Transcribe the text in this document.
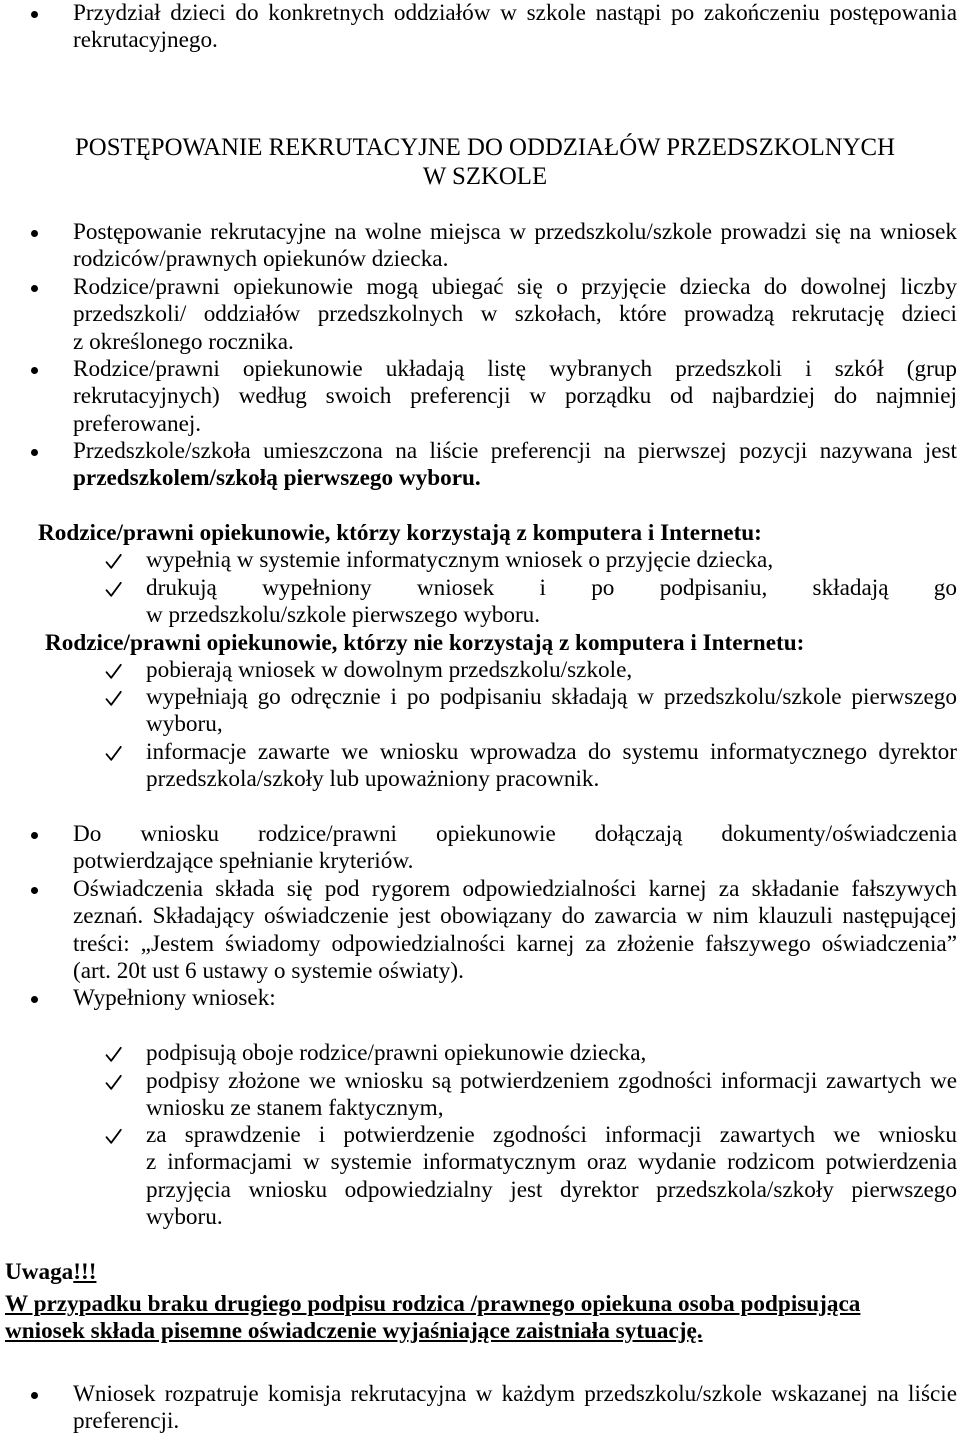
Przydział dzieci do konkretnych oddziałów w szkole nastąpi po zakończeniu postępowania
rekrutacyjnego.
POSTĘPOWANIE REKRUTACYJNE DO ODDZIAŁÓW PRZEDSZKOLNYCH
W SZKOLE
Postępowanie rekrutacyjne na wolne miejsca w przedszkolu/szkole prowadzi się na wniosek
rodziców/prawnych opiekunów dziecka.
Rodzice/prawni opiekunowie mogą ubiegać się o przyjęcie dziecka do dowolnej liczby
przedszkoli/ oddziałów przedszkolnych w szkołach, które prowadzą rekrutację dzieci
z określonego rocznika.
Rodzice/prawni opiekunowie układają listę wybranych przedszkoli i szkół (grup
rekrutacyjnych) według swoich preferencji w porządku od najbardziej do najmniej
preferowanej.
Przedszkole/szkoła umieszczona na liście preferencji na pierwszej pozycji nazywana jest
przedszkolem/szkołą pierwszego wyboru.
Rodzice/prawni opiekunowie, którzy korzystają z komputera i Internetu:
wypełnią w systemie informatycznym wniosek o przyjęcie dziecka,
drukują wypełniony wniosek i po podpisaniu, składają go
w przedszkolu/szkole pierwszego wyboru.
Rodzice/prawni opiekunowie, którzy nie korzystają z komputera i Internetu:
pobierają wniosek w dowolnym przedszkolu/szkole,
wypełniają go odręcznie i po podpisaniu składają w przedszkolu/szkole pierwszego
wyboru,
informacje zawarte we wniosku wprowadza do systemu informatycznego dyrektor
przedszkola/szkoły lub upoważniony pracownik.
Do wniosku rodzice/prawni opiekunowie dołączają dokumenty/oświadczenia
potwierdzające spełnianie kryteriów.
Oświadczenia składa się pod rygorem odpowiedzialności karnej za składanie fałszywych
zeznań. Składający oświadczenie jest obowiązany do zawarcia w nim klauzuli następującej
treści: „Jestem świadomy odpowiedzialności karnej za złożenie fałszywego oświadczenia”
(art. 20t ust 6 ustawy o systemie oświaty).
Wypełniony wniosek:
podpisują oboje rodzice/prawni opiekunowie dziecka,
podpisy złożone we wniosku są potwierdzeniem zgodności informacji zawartych we
wniosku ze stanem faktycznym,
za sprawdzenie i potwierdzenie zgodności informacji zawartych we wniosku
z informacjami w systemie informatycznym oraz wydanie rodzicom potwierdzenia
przyjęcia wniosku odpowiedzialny jest dyrektor przedszkola/szkoły pierwszego
wyboru.
Uwaga!!!
W przypadku braku drugiego podpisu rodzica /prawnego opiekuna osoba podpisująca
wniosek składa pisemne oświadczenie wyjaśniające zaistniała sytuację.
Wniosek rozpatruje komisja rekrutacyjna w każdym przedszkolu/szkole wskazanej na liście
preferencji.
